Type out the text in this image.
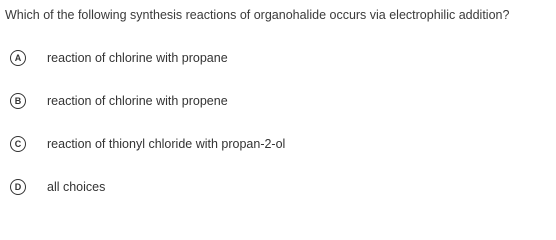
Which of the following synthesis reactions of organohalide occurs via electrophilic addition?
A	reaction of chlorine with propane
B	reaction of chlorine with propene
C	reaction of thionyl chloride with propan-2-ol
D	all choices
